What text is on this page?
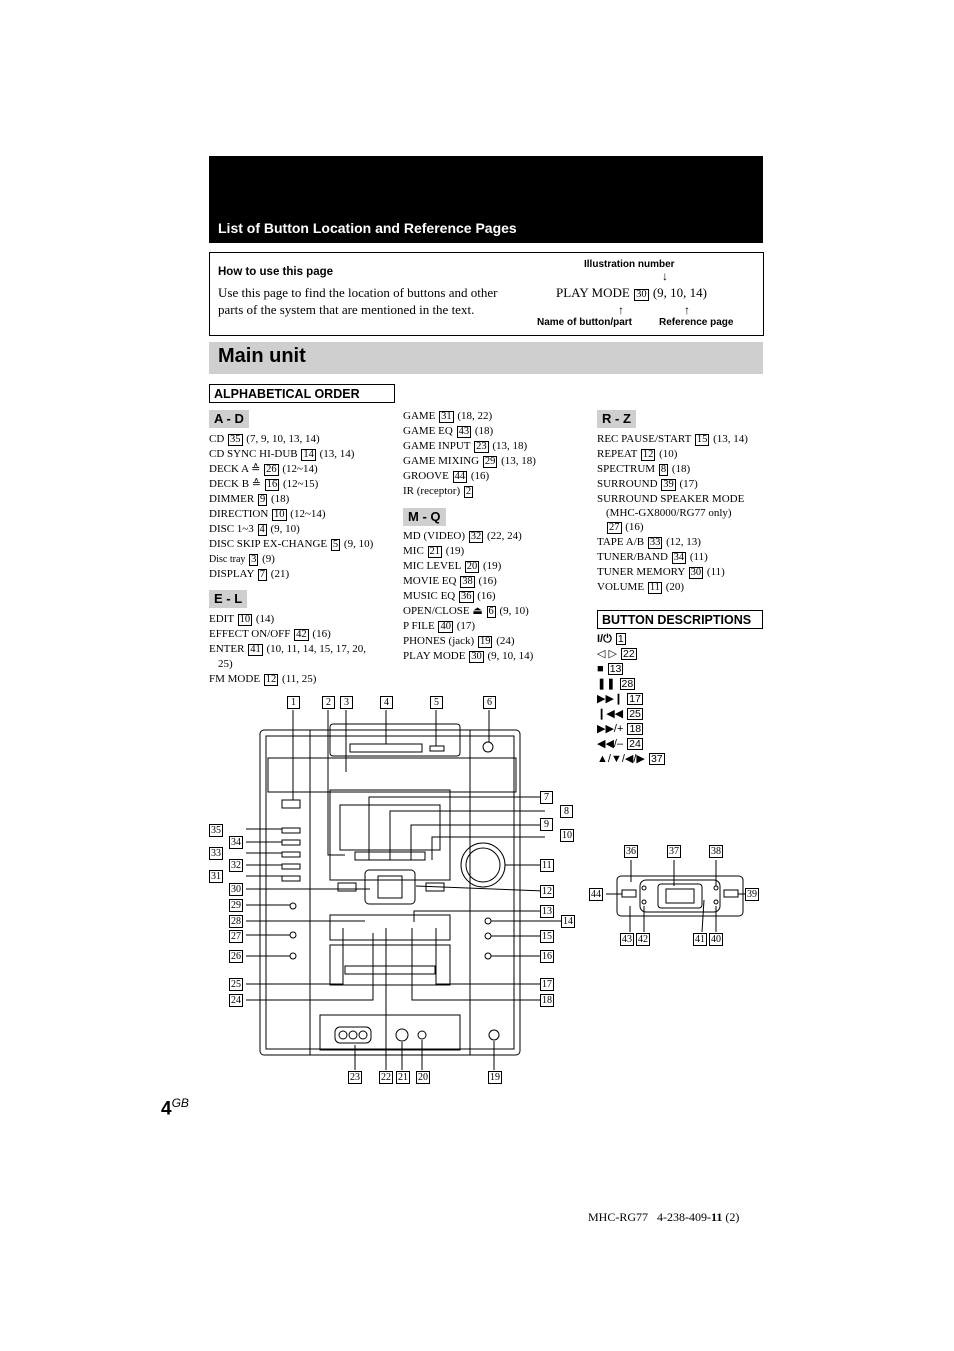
List of Button Location and Reference Pages
How to use this page
Use this page to find the location of buttons and other parts of the system that are mentioned in the text.
Illustration number
↓
PLAY MODE 30 (9, 10, 14)
↑	↑
Name of button/part	Reference page
Main unit
ALPHABETICAL ORDER
A - D
CD 35 (7, 9, 10, 13, 14)
CD SYNC HI-DUB 14 (13, 14)
DECK A ≙ 26 (12~14)
DECK B ≙ 16 (12~15)
DIMMER 9 (18)
DIRECTION 10 (12~14)
DISC 1~3 4 (9, 10)
DISC SKIP EX-CHANGE 5 (9, 10)
Disc tray 3 (9)
DISPLAY 7 (21)
E - L
EDIT 10 (14)
EFFECT ON/OFF 42 (16)
ENTER 41 (10, 11, 14, 15, 17, 20,
25)
FM MODE 12 (11, 25)
GAME 31 (18, 22)
GAME EQ 43 (18)
GAME INPUT 23 (13, 18)
GAME MIXING 29 (13, 18)
GROOVE 44 (16)
IR (receptor) 2
M - Q
MD (VIDEO) 32 (22, 24)
MIC 21 (19)
MIC LEVEL 20 (19)
MOVIE EQ 38 (16)
MUSIC EQ 36 (16)
OPEN/CLOSE ⏏ 6 (9, 10)
P FILE 40 (17)
PHONES (jack) 19 (24)
PLAY MODE 30 (9, 10, 14)
R - Z
REC PAUSE/START 15 (13, 14)
REPEAT 12 (10)
SPECTRUM 8 (18)
SURROUND 39 (17)
SURROUND SPEAKER MODE
(MHC-GX8000/RG77 only)
27 (16)
TAPE A/B 33 (12, 13)
TUNER/BAND 34 (11)
TUNER MEMORY 30 (11)
VOLUME 11 (20)
BUTTON DESCRIPTIONS
I/⏻ 1
◁ ▷ 22
■ 13
❚❚ 28
▶▶❙ 17
❙◀◀ 25
▶▶/+ 18
◀◀/– 24
▲/▼/◀/▶ 37
1	2	3	4	5	6
7
8
9
10
11
12
13
14
15
16
17
18
35
34
33
32
31
30
29
28
27
26
25
24
23 22 21 20	19
36	37	38
44	39
43 42	41 40
$4^{GB}$
MHC-RG77 4-238-409-11 (2)
